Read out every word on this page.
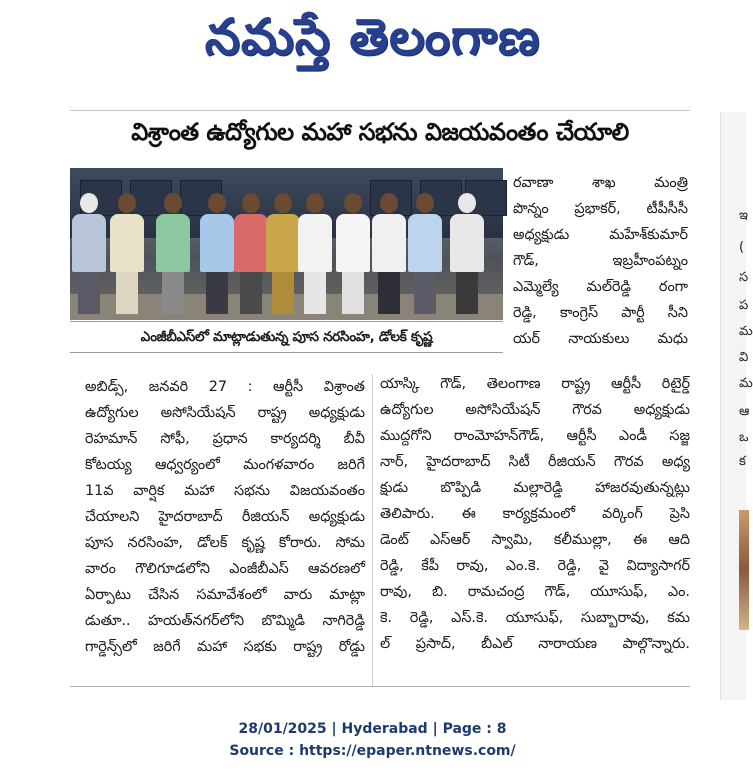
నమస్తే తెలంగాణ
విశ్రాంత ఉద్యోగుల మహా సభను విజయవంతం చేయాలి
ఎంజీబీఎస్‌లో మాట్లాడుతున్న పూస నరసింహ, డోలక్ కృష్ణ
రవాణా శాఖ మంత్రి
పొన్నం ప్రభాకర్, టీపీసీసీ
అధ్యక్షుడు మహేశ్‌కుమార్
గౌడ్, ఇబ్రహీంపట్నం
ఎమ్మెల్యే మల్‌రెడ్డి రంగా
రెడ్డి, కాంగ్రెస్ పార్టీ సీని
యర్ నాయకులు మధు
అబిడ్స్, జనవరి 27 : ఆర్టీసీ విశ్రాంత
ఉద్యోగుల అసోసియేషన్ రాష్ట్ర అధ్యక్షుడు
రెహమాన్ సోఫీ, ప్రధాన కార్యదర్శి బీవీ
కోటయ్య ఆధ్వర్యంలో మంగళవారం జరిగే
11వ వార్షిక మహా సభను విజయవంతం
చేయాలని హైదరాబాద్ రీజియన్ అధ్యక్షుడు
పూస నరసింహ, డోలక్ కృష్ణ కోరారు. సోమ
వారం గౌలిగూడలోని ఎంజీబీఎస్ ఆవరణలో
ఏర్పాటు చేసిన సమావేశంలో వారు మాట్లా
డుతూ.. హయత్‌నగర్‌లోని బొమ్మిడి నాగిరెడ్డి
గార్డెన్స్‌లో జరిగే మహా సభకు రాష్ట్ర రోడ్డు
యాస్కి గౌడ్, తెలంగాణ రాష్ట్ర ఆర్టీసీ రిటైర్డ్
ఉద్యోగుల అసోసియేషన్ గౌరవ అధ్యక్షుడు
ముద్దగోని రాంమోహన్‌గౌడ్, ఆర్టీసీ ఎండీ సజ్జ
నార్, హైదరాబాద్ సిటీ రీజియన్ గౌరవ అధ్య
క్షుడు బొప్పిడి మల్లారెడ్డి హాజరవుతున్నట్లు
తెలిపారు. ఈ కార్యక్రమంలో వర్కింగ్ ప్రెసి
డెంట్ ఎస్‌ఆర్ స్వామి, కలీముల్లా, ఈ ఆది
రెడ్డి, కేపీ రావు, ఎం.కె. రెడ్డి, వై విద్యాసాగర్
రావు, బి. రామచంద్ర గౌడ్, యూసుఫ్, ఎం.
కె. రెడ్డి, ఎస్.కె. యూసుఫ్, సుబ్బారావు, కమ
ల్ ప్రసాద్, బీఎల్ నారాయణ పాల్గొన్నారు.
ఇ
(
స
ప
మ
వి
మ
ఆ
ఒ
క
28/01/2025 | Hyderabad | Page : 8
Source : https://epaper.ntnews.com/
